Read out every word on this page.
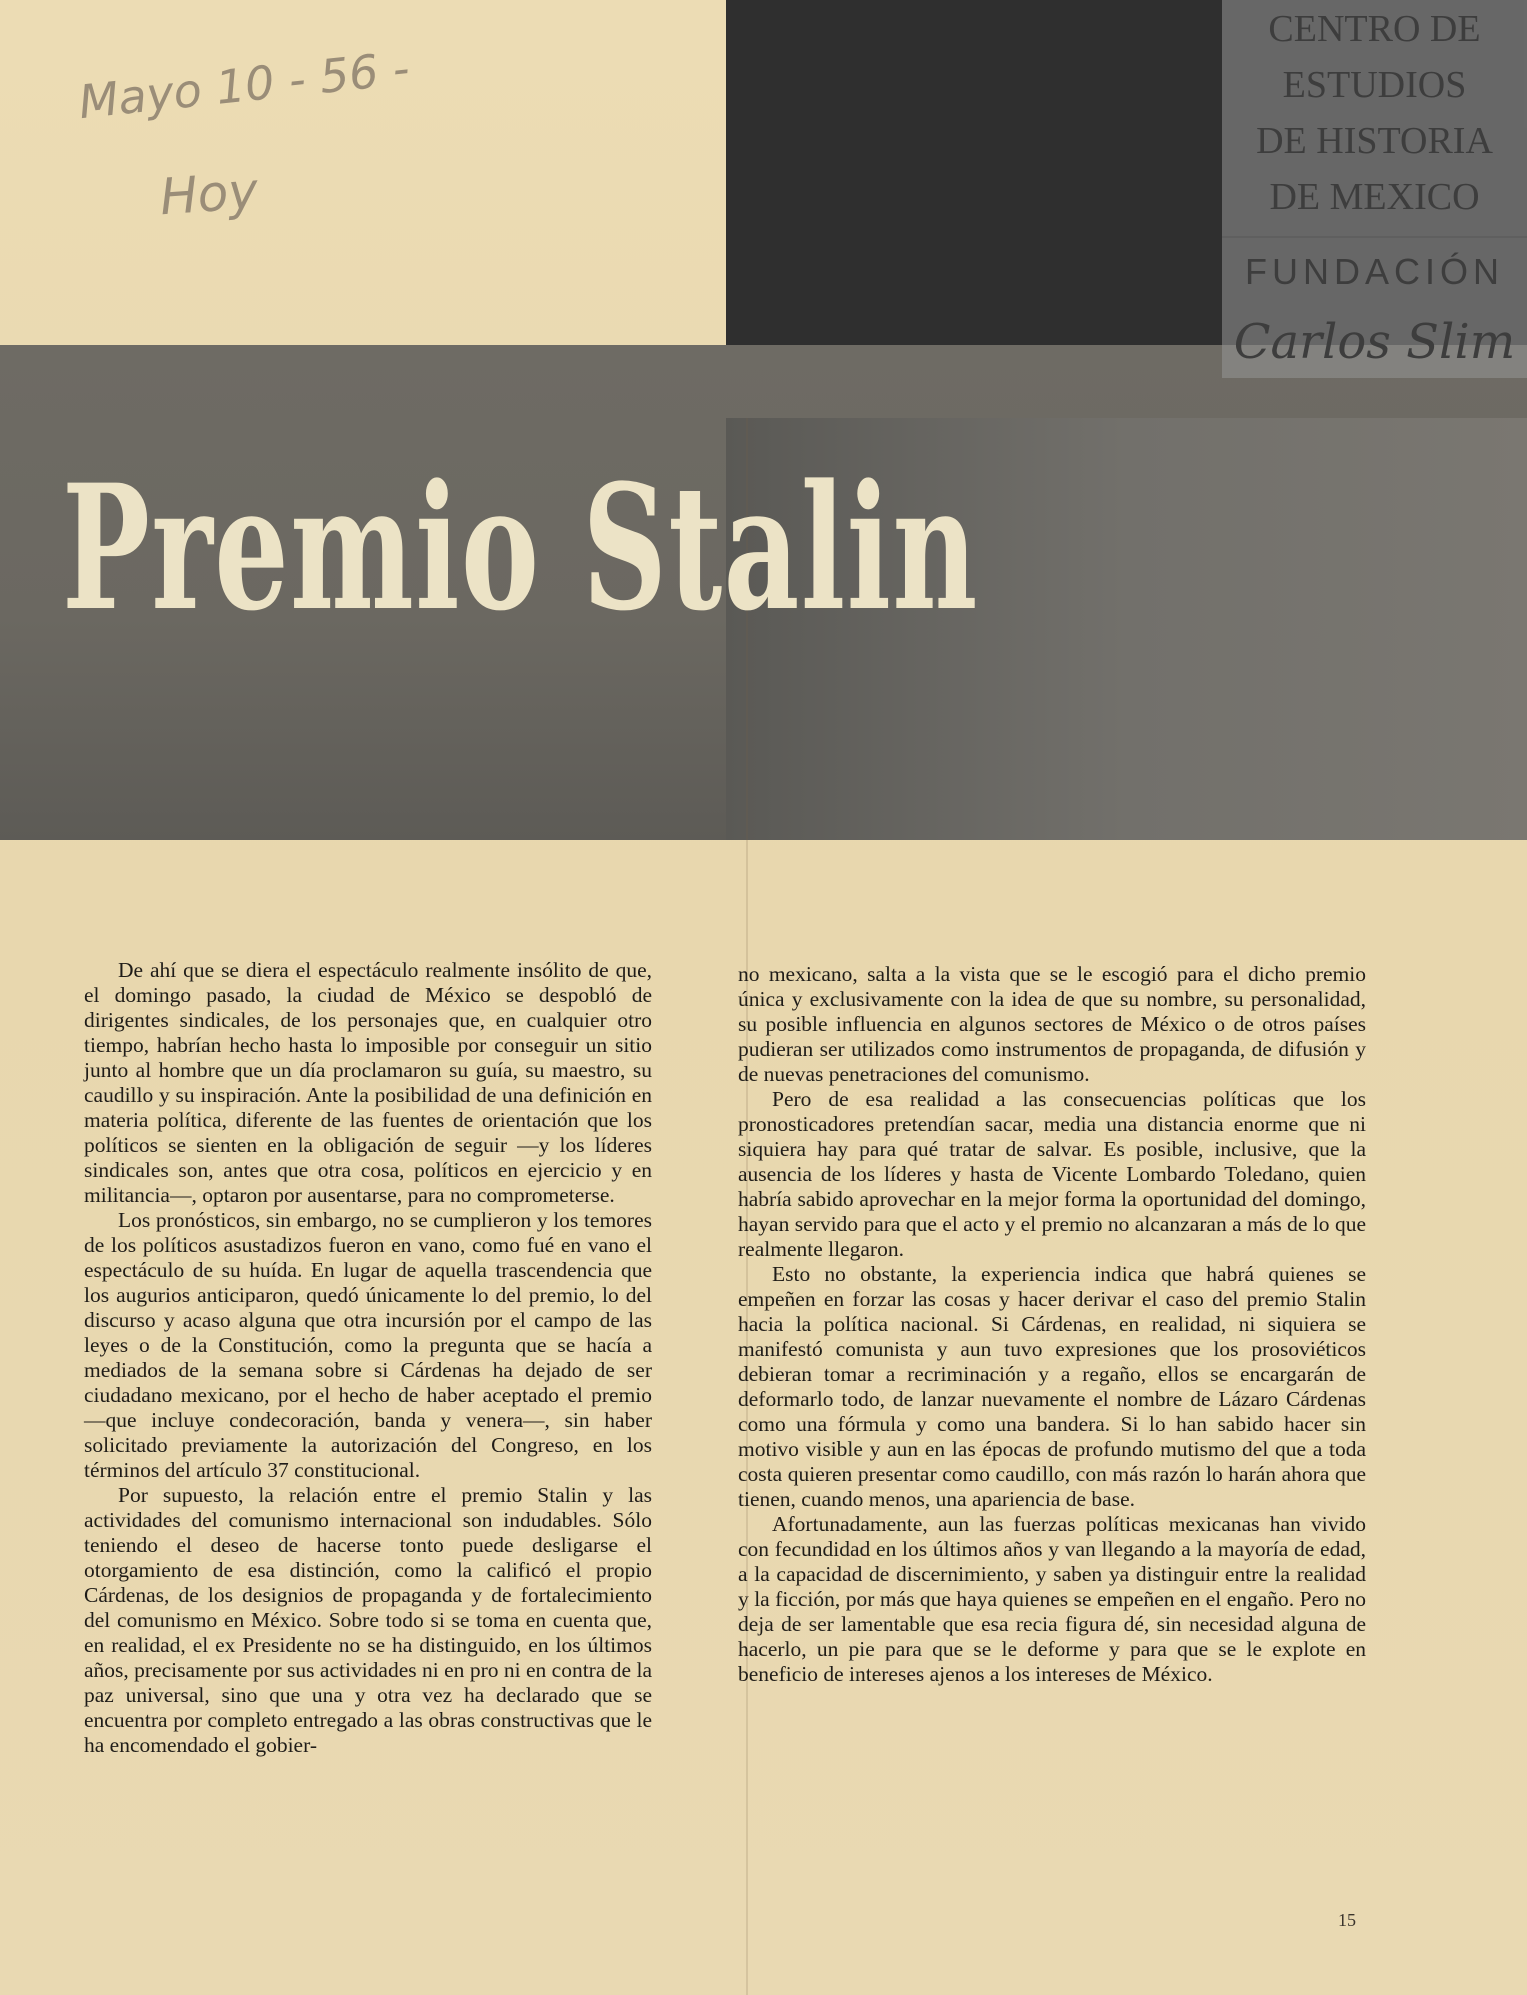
Mayo 10 - 56 -
Hoy
Premio Stalin
CENTRO DE
ESTUDIOS
DE HISTORIA
DE MEXICO
FUNDACIÓN
Carlos Slim

De ahí que se diera el espectáculo realmente insólito de que, el domingo pasado, la ciudad de México se despobló de dirigentes sindicales, de los personajes que, en cualquier otro tiempo, habrían hecho hasta lo imposible por conseguir un sitio junto al hombre que un día proclamaron su guía, su maestro, su caudillo y su inspiración. Ante la posibilidad de una definición en materia política, diferente de las fuentes de orientación que los políticos se sienten en la obligación de seguir —y los líderes sindicales son, antes que otra cosa, políticos en ejercicio y en militancia—, optaron por ausentarse, para no comprometerse.

Los pronósticos, sin embargo, no se cumplieron y los temores de los políticos asustadizos fueron en vano, como fué en vano el espectáculo de su huída. En lugar de aquella trascendencia que los augurios anticiparon, quedó únicamente lo del premio, lo del discurso y acaso alguna que otra incursión por el campo de las leyes o de la Constitución, como la pregunta que se hacía a mediados de la semana sobre si Cárdenas ha dejado de ser ciudadano mexicano, por el hecho de haber aceptado el premio —que incluye condecoración, banda y venera—, sin haber solicitado previamente la autorización del Congreso, en los términos del artículo 37 constitucional.

Por supuesto, la relación entre el premio Stalin y las actividades del comunismo internacional son indudables. Sólo teniendo el deseo de hacerse tonto puede desligarse el otorgamiento de esa distinción, como la calificó el propio Cárdenas, de los designios de propaganda y de fortalecimiento del comunismo en México. Sobre todo si se toma en cuenta que, en realidad, el ex Presidente no se ha distinguido, en los últimos años, precisamente por sus actividades ni en pro ni en contra de la paz universal, sino que una y otra vez ha declarado que se encuentra por completo entregado a las obras constructivas que le ha encomendado el gobier-

no mexicano, salta a la vista que se le escogió para el dicho premio única y exclusivamente con la idea de que su nombre, su personalidad, su posible influencia en algunos sectores de México o de otros países pudieran ser utilizados como instrumentos de propaganda, de difusión y de nuevas penetraciones del comunismo.

Pero de esa realidad a las consecuencias políticas que los pronosticadores pretendían sacar, media una distancia enorme que ni siquiera hay para qué tratar de salvar. Es posible, inclusive, que la ausencia de los líderes y hasta de Vicente Lombardo Toledano, quien habría sabido aprovechar en la mejor forma la oportunidad del domingo, hayan servido para que el acto y el premio no alcanzaran a más de lo que realmente llegaron.

Esto no obstante, la experiencia indica que habrá quienes se empeñen en forzar las cosas y hacer derivar el caso del premio Stalin hacia la política nacional. Si Cárdenas, en realidad, ni siquiera se manifestó comunista y aun tuvo expresiones que los prosoviéticos debieran tomar a recriminación y a regaño, ellos se encargarán de deformarlo todo, de lanzar nuevamente el nombre de Lázaro Cárdenas como una fórmula y como una bandera. Si lo han sabido hacer sin motivo visible y aun en las épocas de profundo mutismo del que a toda costa quieren presentar como caudillo, con más razón lo harán ahora que tienen, cuando menos, una apariencia de base.

Afortunadamente, aun las fuerzas políticas mexicanas han vivido con fecundidad en los últimos años y van llegando a la mayoría de edad, a la capacidad de discernimiento, y saben ya distinguir entre la realidad y la ficción, por más que haya quienes se empeñen en el engaño. Pero no deja de ser lamentable que esa recia figura dé, sin necesidad alguna de hacerlo, un pie para que se le deforme y para que se le explote en beneficio de intereses ajenos a los intereses de México.

15
